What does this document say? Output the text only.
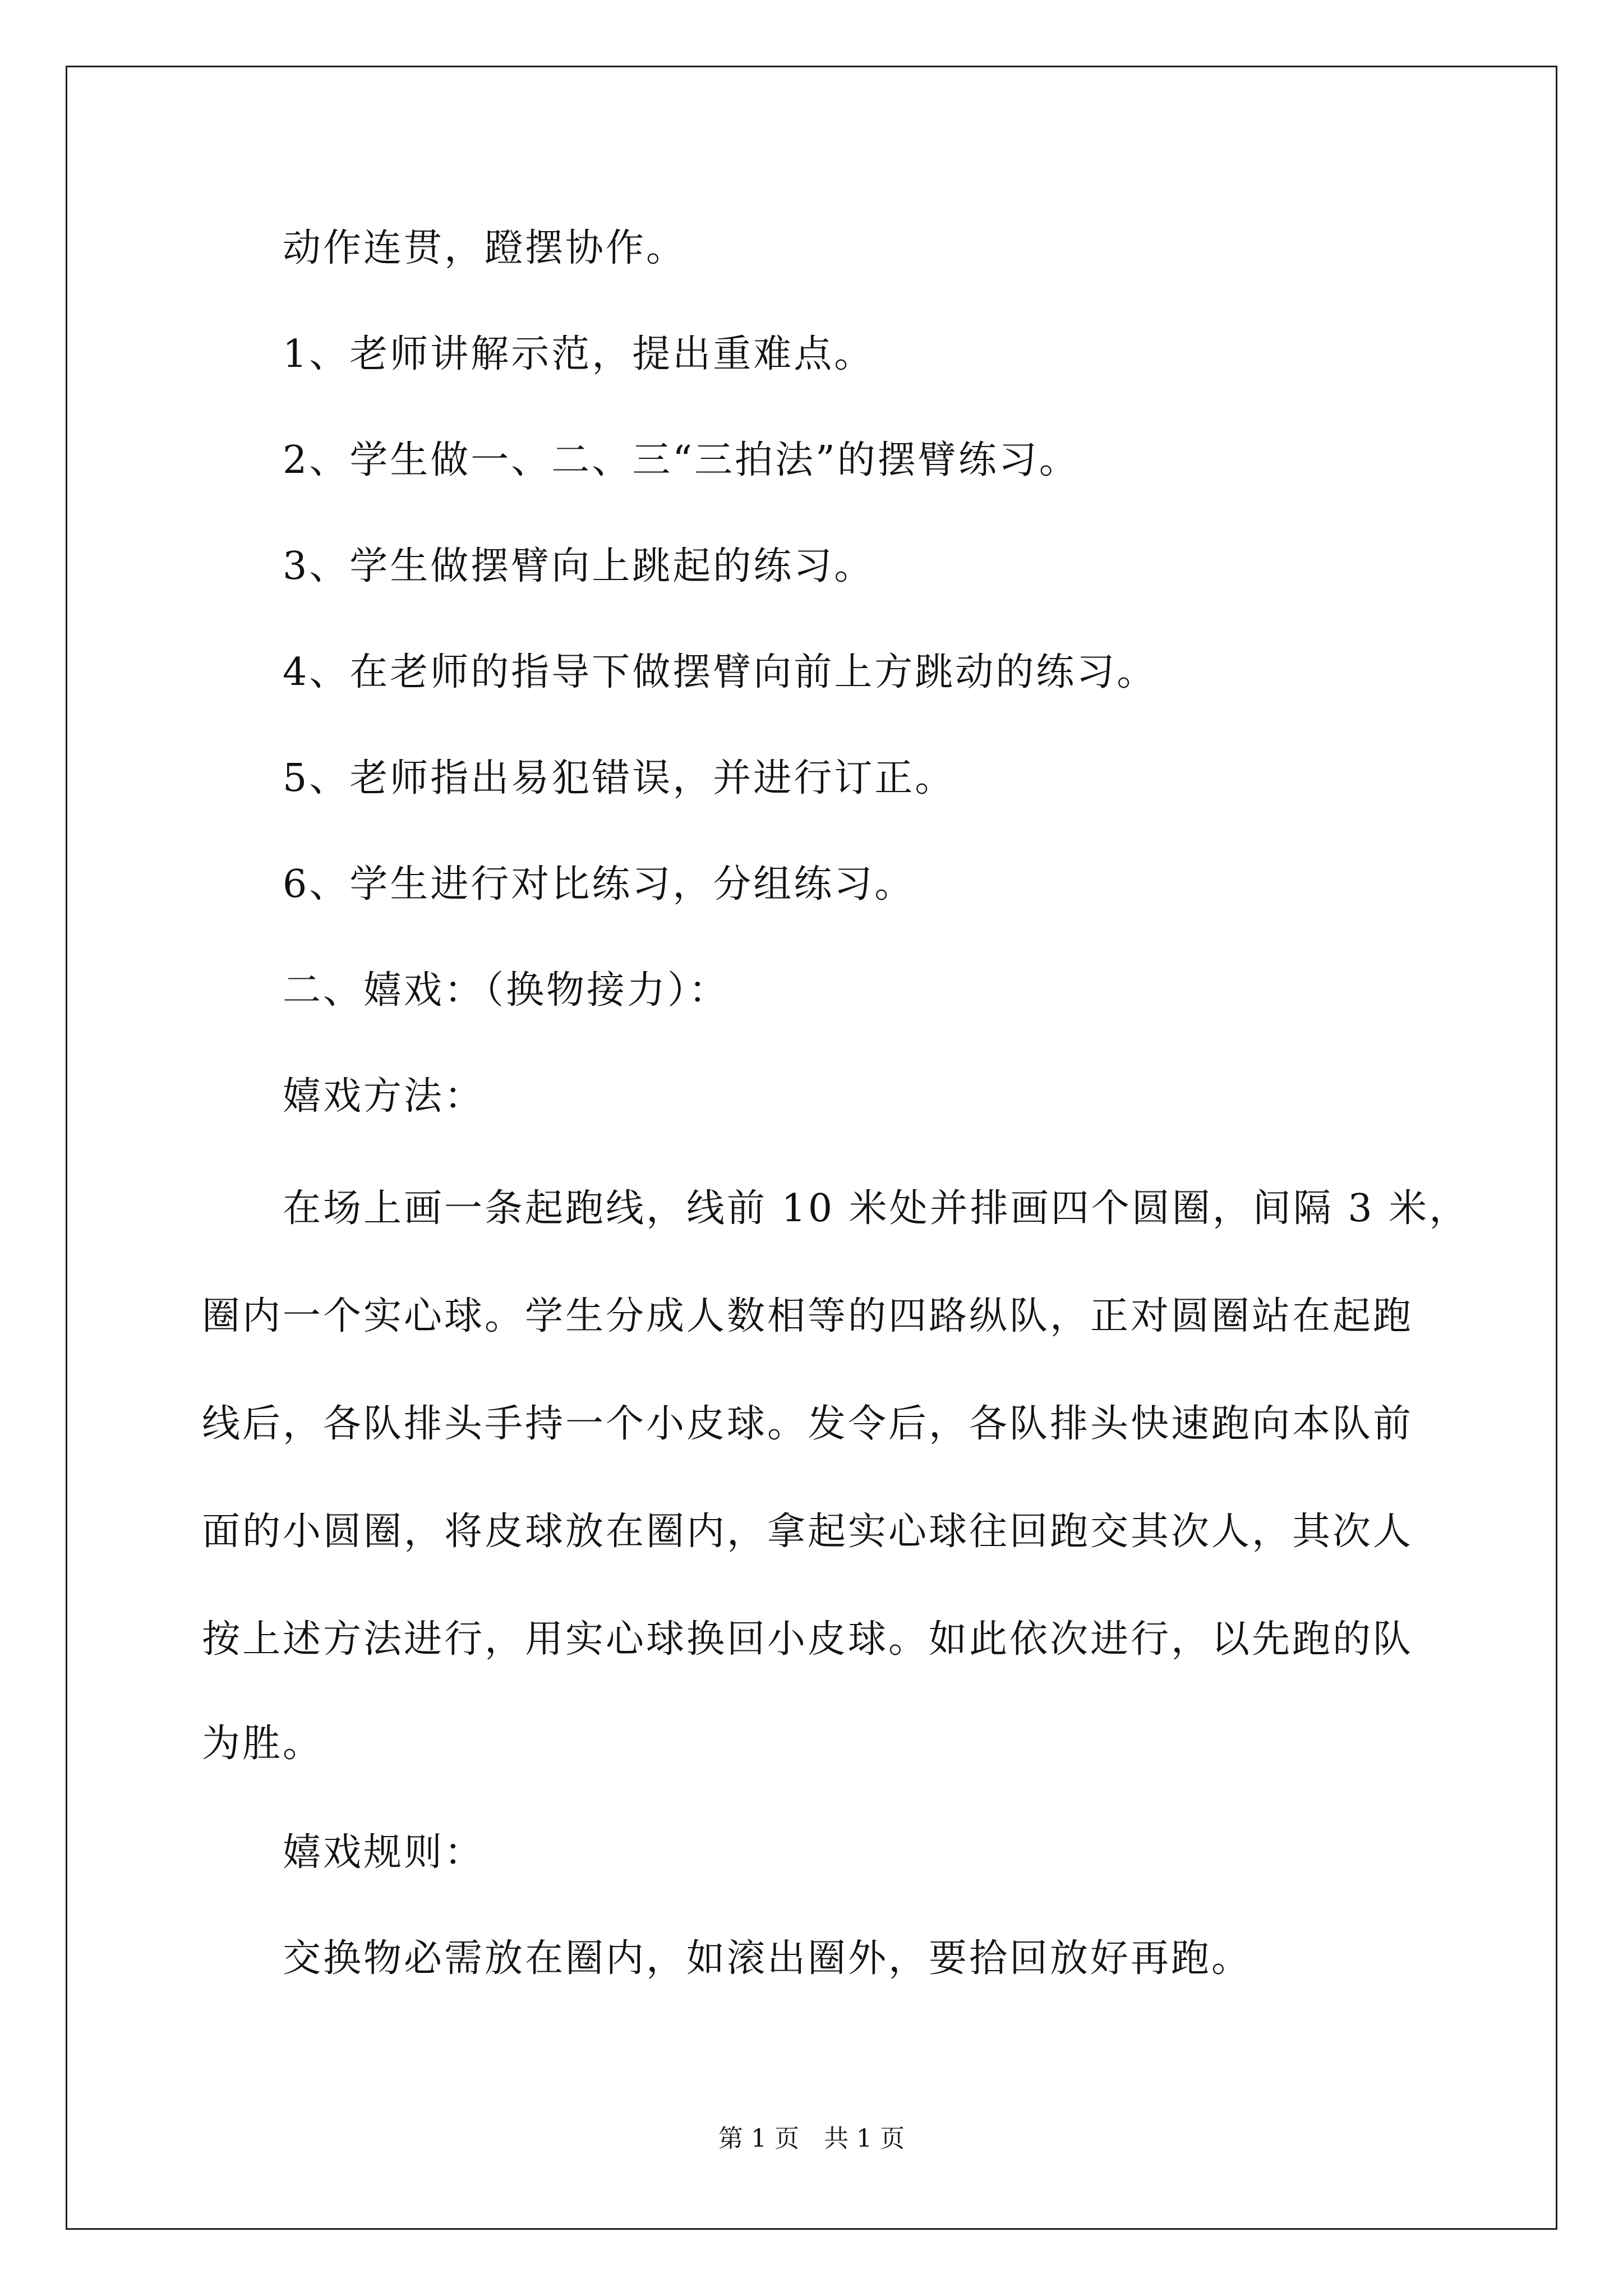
动作连贯，蹬摆协作。
1、老师讲解示范，提出重难点。
2、学生做一、二、三“三拍法”的摆臂练习。
3、学生做摆臂向上跳起的练习。
4、在老师的指导下做摆臂向前上方跳动的练习。
5、老师指出易犯错误，并进行订正。
6、学生进行对比练习，分组练习。
二、嬉戏：（换物接力）：
嬉戏方法：
在场上画一条起跑线，线前 10 米处并排画四个圆圈，间隔 3 米，
圈内一个实心球。学生分成人数相等的四路纵队，正对圆圈站在起跑
线后，各队排头手持一个小皮球。发令后，各队排头快速跑向本队前
面的小圆圈，将皮球放在圈内，拿起实心球往回跑交其次人，其次人
按上述方法进行，用实心球换回小皮球。如此依次进行，以先跑的队
为胜。
嬉戏规则：
交换物必需放在圈内，如滚出圈外，要拾回放好再跑。
第 1 页　共 1 页
